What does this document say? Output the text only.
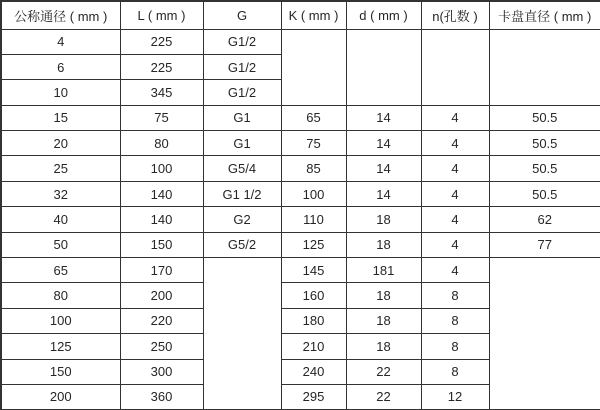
公称通径 ( mm )	L ( mm )	G	K ( mm )	d ( mm )	n(孔数 )	卡盘直径 ( mm )
4	225	G1/2				
6	225	G1/2				
10	345	G1/2				
15	75	G1	65	14	4	50.5
20	80	G1	75	14	4	50.5
25	100	G5/4	85	14	4	50.5
32	140	G1 1/2	100	14	4	50.5
40	140	G2	110	18	4	62
50	150	G5/2	125	18	4	77
65	170		145	181	4	
80	200		160	18	8	
100	220		180	18	8	
125	250		210	18	8	
150	300		240	22	8	
200	360		295	22	12	
